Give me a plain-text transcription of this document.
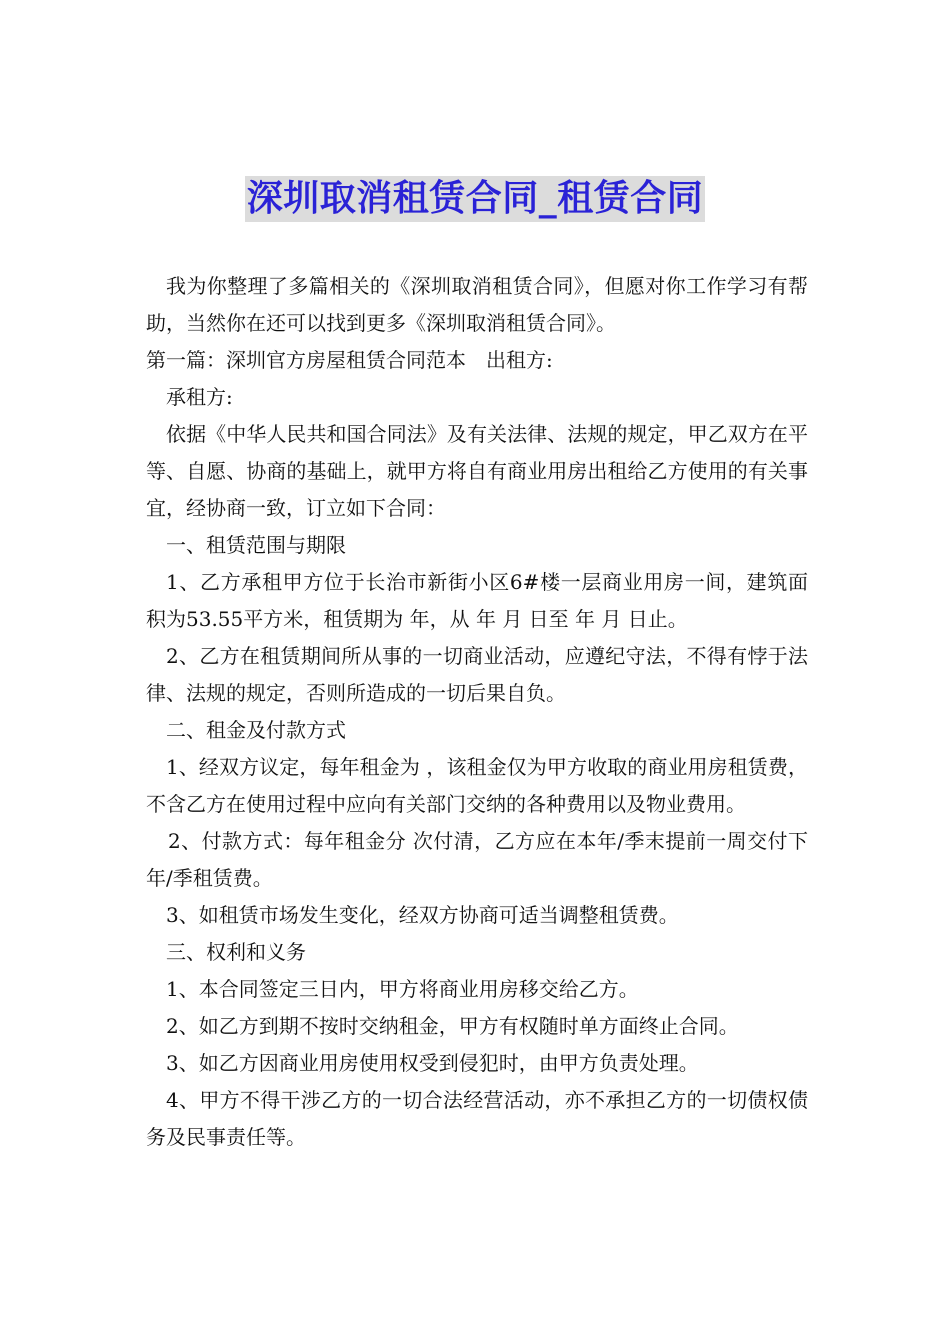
深圳取消租赁合同_租赁合同

我为你整理了多篇相关的《深圳取消租赁合同》，但愿对你工作学习有帮助，当然你在还可以找到更多《深圳取消租赁合同》。

第一篇：深圳官方房屋租赁合同范本　出租方:

承租方:

依据《中华人民共和国合同法》及有关法律、法规的规定，甲乙双方在平等、自愿、协商的基础上，就甲方将自有商业用房出租给乙方使用的有关事宜，经协商一致，订立如下合同：

一、租赁范围与期限

1、乙方承租甲方位于长治市新街小区6#楼一层商业用房一间，建筑面积为53.55平方米，租赁期为 年，从 年 月 日至 年 月 日止。

2、乙方在租赁期间所从事的一切商业活动，应遵纪守法，不得有悖于法律、法规的规定，否则所造成的一切后果自负。

二、租金及付款方式

1、经双方议定，每年租金为 ，该租金仅为甲方收取的商业用房租赁费，不含乙方在使用过程中应向有关部门交纳的各种费用以及物业费用。

2、付款方式：每年租金分 次付清，乙方应在本年/季末提前一周交付下年/季租赁费。

3、如租赁市场发生变化，经双方协商可适当调整租赁费。

三、权利和义务

1、本合同签定三日内，甲方将商业用房移交给乙方。

2、如乙方到期不按时交纳租金，甲方有权随时单方面终止合同。

3、如乙方因商业用房使用权受到侵犯时，由甲方负责处理。

4、甲方不得干涉乙方的一切合法经营活动，亦不承担乙方的一切债权债务及民事责任等。
